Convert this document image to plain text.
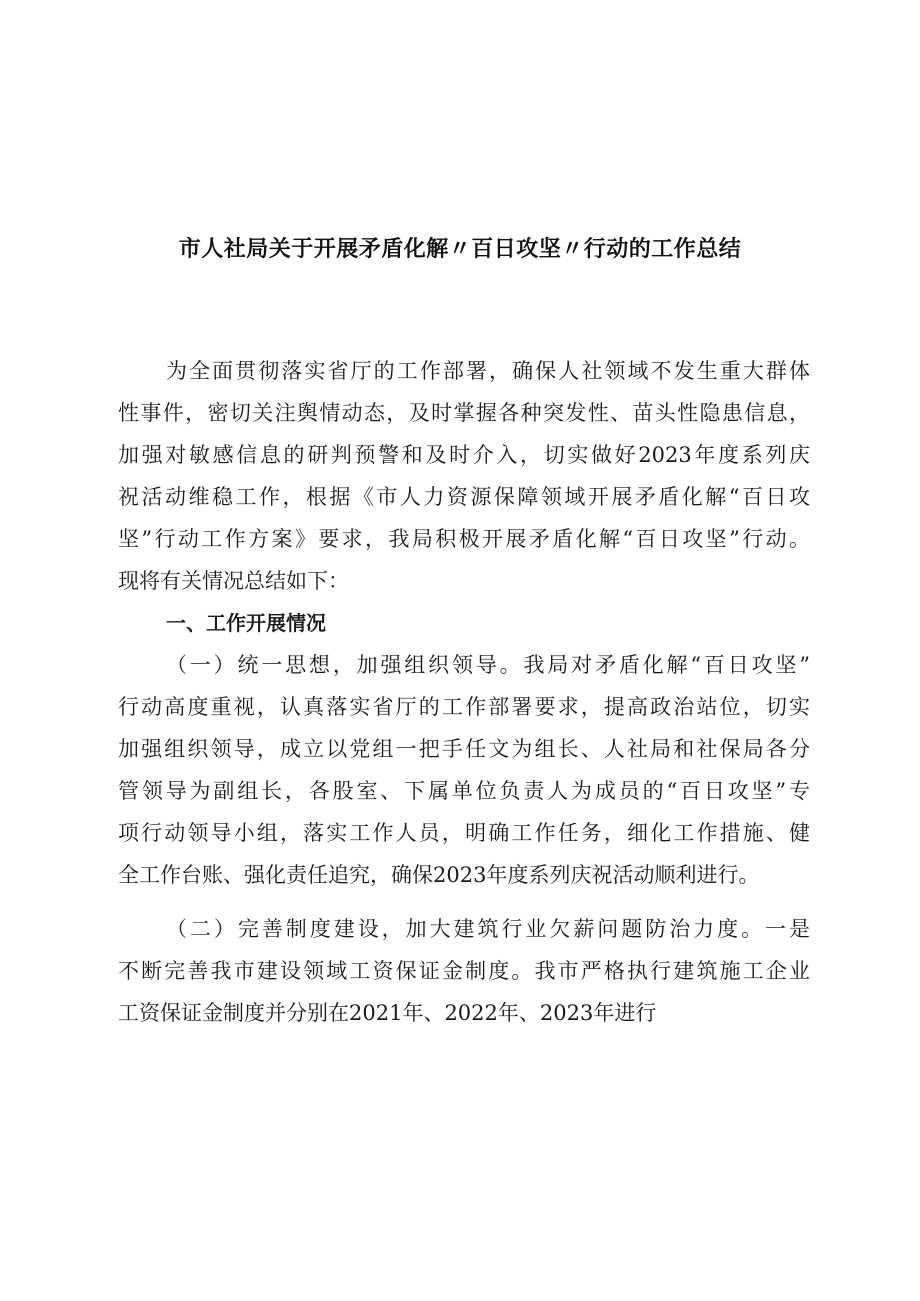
市人社局关于开展矛盾化解〃百日攻坚〃行动的工作总结
为全面贯彻落实省厅的工作部署，确保人社领域不发生重大群体
性事件，密切关注舆情动态，及时掌握各种突发性、苗头性隐患信息，
加强对敏感信息的研判预警和及时介入，切实做好2023年度系列庆
祝活动维稳工作，根据《市人力资源保障领域开展矛盾化解“百日攻
坚”行动工作方案》要求，我局积极开展矛盾化解“百日攻坚”行动。
现将有关情况总结如下：
一、工作开展情况
（一）统一思想，加强组织领导。我局对矛盾化解“百日攻坚”
行动高度重视，认真落实省厅的工作部署要求，提高政治站位，切实
加强组织领导，成立以党组一把手任文为组长、人社局和社保局各分
管领导为副组长，各股室、下属单位负责人为成员的“百日攻坚”专
项行动领导小组，落实工作人员，明确工作任务，细化工作措施、健
全工作台账、强化责任追究，确保2023年度系列庆祝活动顺利进行。
（二）完善制度建设，加大建筑行业欠薪问题防治力度。一是
不断完善我市建设领域工资保证金制度。我市严格执行建筑施工企业
工资保证金制度并分别在2021年、2022年、2023年进行
